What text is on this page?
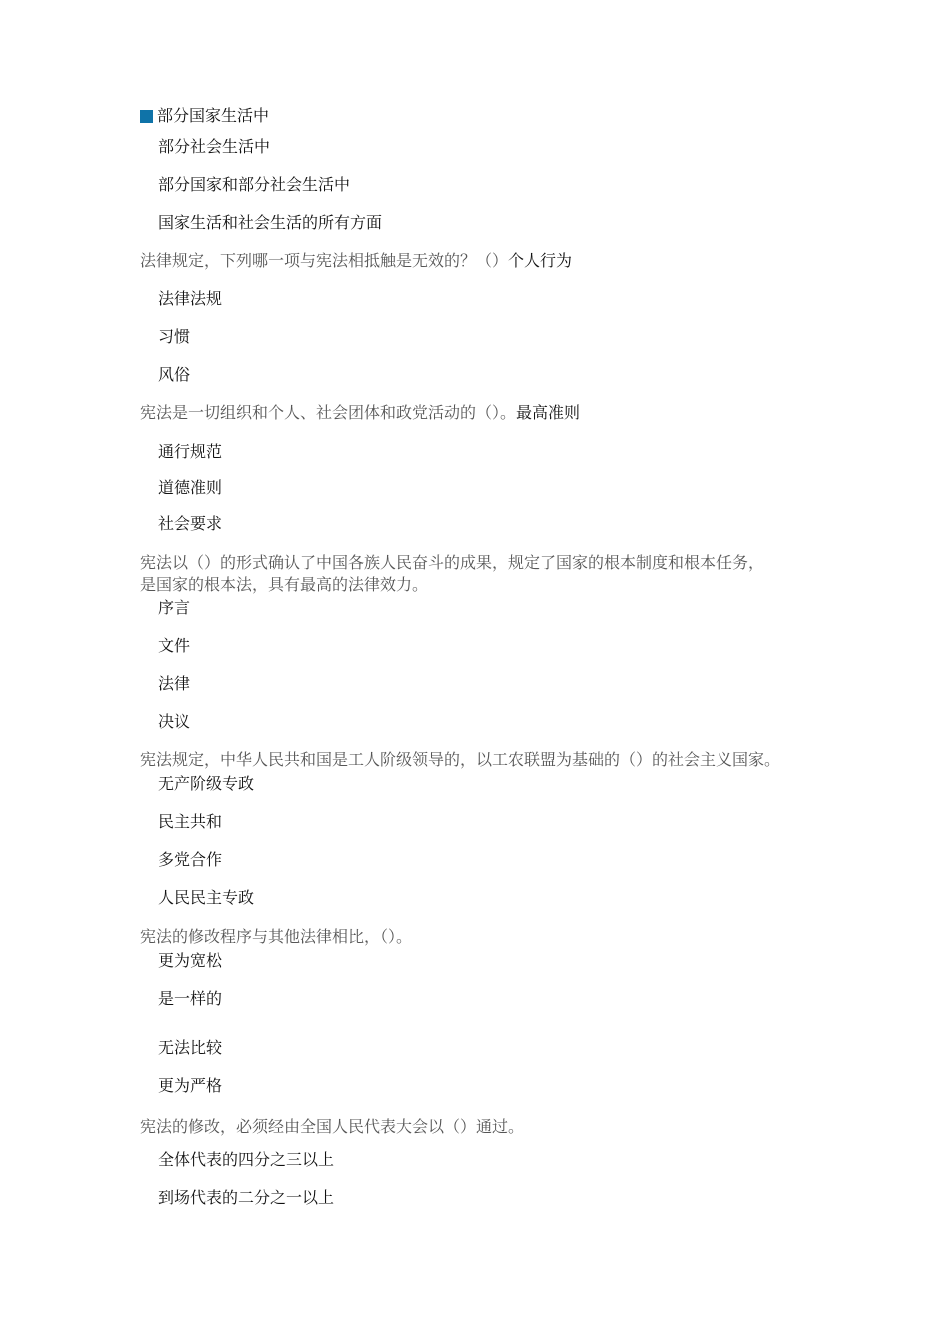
部分国家生活中
部分社会生活中
部分国家和部分社会生活中
国家生活和社会生活的所有方面
法律规定，下列哪一项与宪法相抵触是无效的？（）个人行为
法律法规
习惯
风俗
宪法是一切组织和个人、社会团体和政党活动的（）。最高准则
通行规范
道德准则
社会要求
宪法以（）的形式确认了中国各族人民奋斗的成果，规定了国家的根本制度和根本任务，
是国家的根本法，具有最高的法律效力。
序言
文件
法律
决议
宪法规定，中华人民共和国是工人阶级领导的，以工农联盟为基础的（）的社会主义国家。
无产阶级专政
民主共和
多党合作
人民民主专政
宪法的修改程序与其他法律相比，（）。
更为宽松
是一样的
无法比较
更为严格
宪法的修改，必须经由全国人民代表大会以（）通过。
全体代表的四分之三以上
到场代表的二分之一以上
